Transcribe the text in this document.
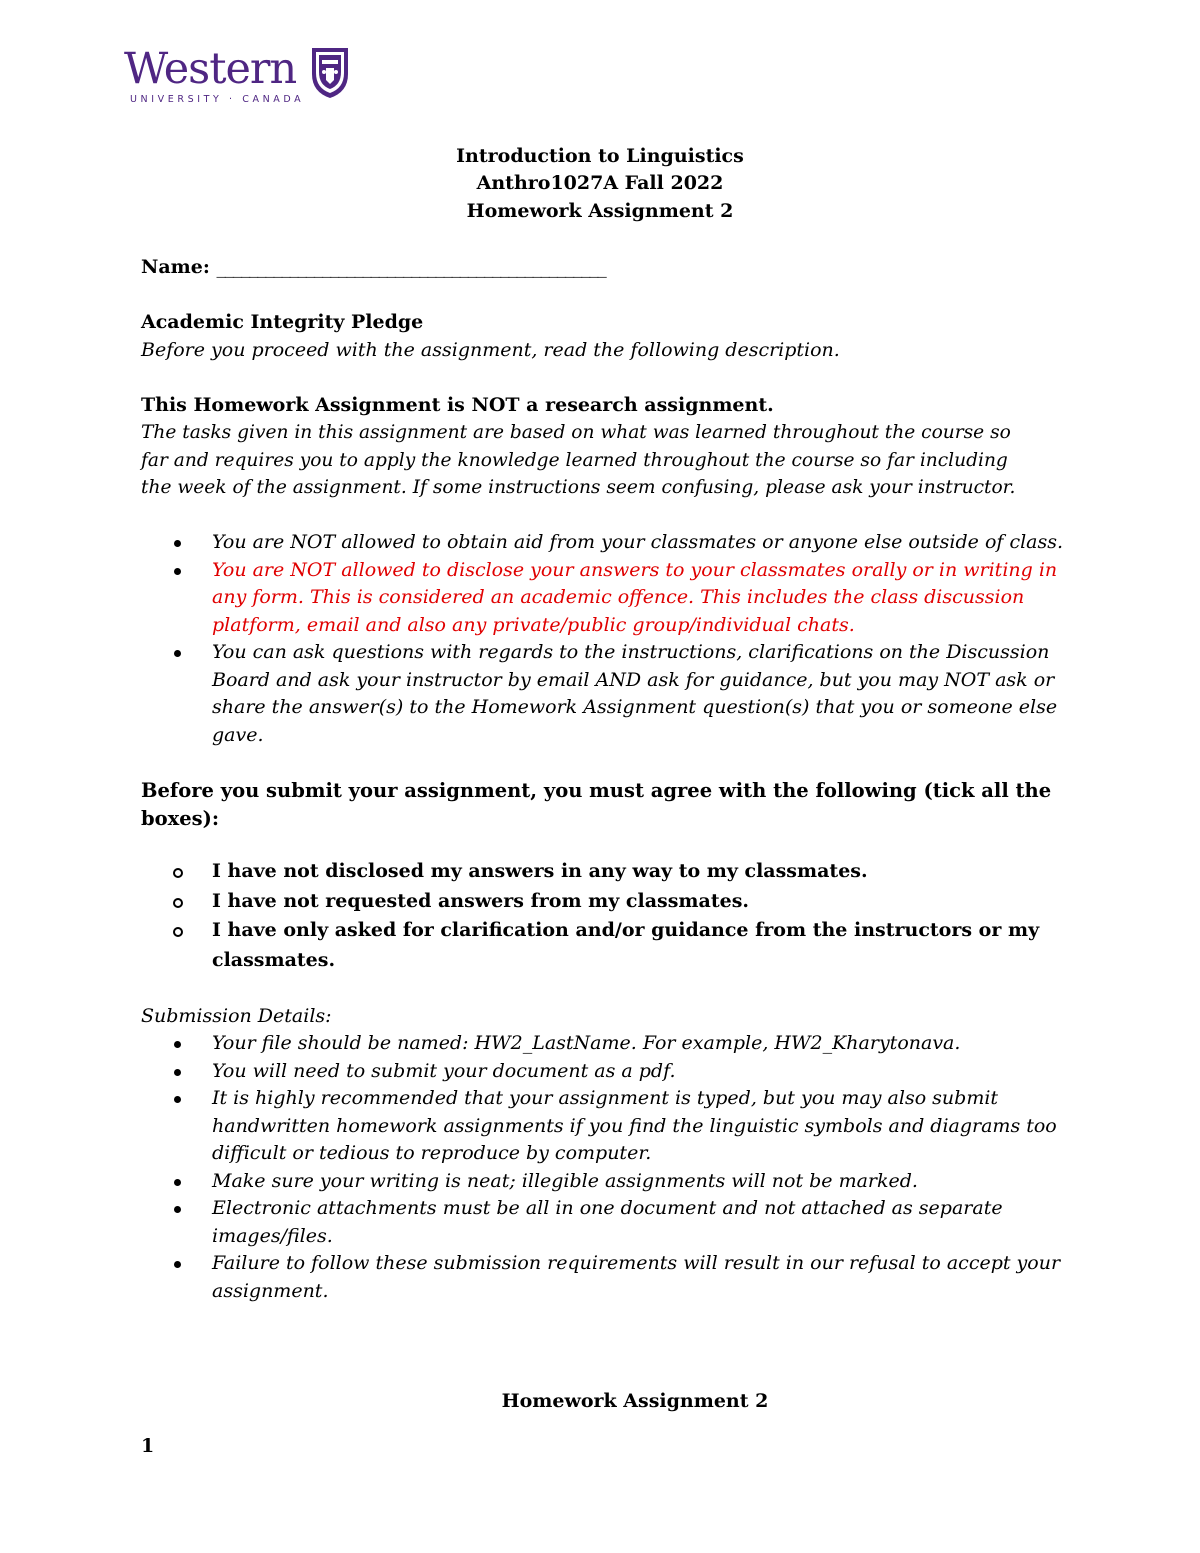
Western
UNIVERSITY · CANADA
Introduction to Linguistics
Anthro1027A Fall 2022
Homework Assignment 2
Name: ________________________________________________
Academic Integrity Pledge
Before you proceed with the assignment, read the following description.
This Homework Assignment is NOT a research assignment.
The tasks given in this assignment are based on what was learned throughout the course so
far and requires you to apply the knowledge learned throughout the course so far including
the week of the assignment. If some instructions seem confusing, please ask your instructor.
You are NOT allowed to obtain aid from your classmates or anyone else outside of class.
You are NOT allowed to disclose your answers to your classmates orally or in writing in any form. This is considered an academic offence. This includes the class discussion platform, email and also any private/public group/individual chats.
You can ask questions with regards to the instructions, clarifications on the Discussion Board and ask your instructor by email AND ask for guidance, but you may NOT ask or share the answer(s) to the Homework Assignment question(s) that you or someone else gave.
Before you submit your assignment, you must agree with the following (tick all the
boxes):
I have not disclosed my answers in any way to my classmates.
I have not requested answers from my classmates.
I have only asked for clarification and/or guidance from the instructors or my classmates.
Submission Details:
Your file should be named: HW2_LastName. For example, HW2_Kharytonava.
You will need to submit your document as a pdf.
It is highly recommended that your assignment is typed, but you may also submit handwritten homework assignments if you find the linguistic symbols and diagrams too difficult or tedious to reproduce by computer.
Make sure your writing is neat; illegible assignments will not be marked.
Electronic attachments must be all in one document and not attached as separate images/files.
Failure to follow these submission requirements will result in our refusal to accept your assignment.
Homework Assignment 2
1
